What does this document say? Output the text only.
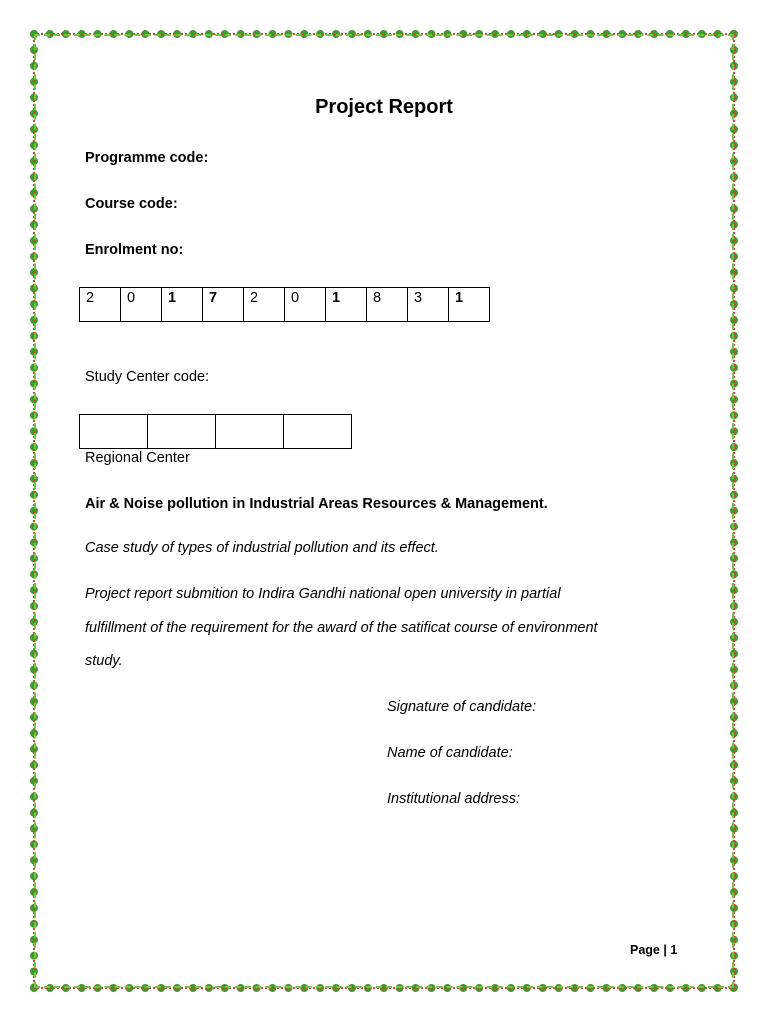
Project Report
Programme code:
Course code:
Enrolment no:
2	0	1	7	2	0	1	8	3	1
Study Center code:
Regional Center
Air & Noise pollution in Industrial Areas Resources & Management.
Case study of types of industrial pollution and its effect.
Project report submition to Indira Gandhi national open university in partial
fulfillment of the requirement for the award of the satificat course of environment
study.
Signature of candidate:
Name of candidate:
Institutional address:
Page | 1
